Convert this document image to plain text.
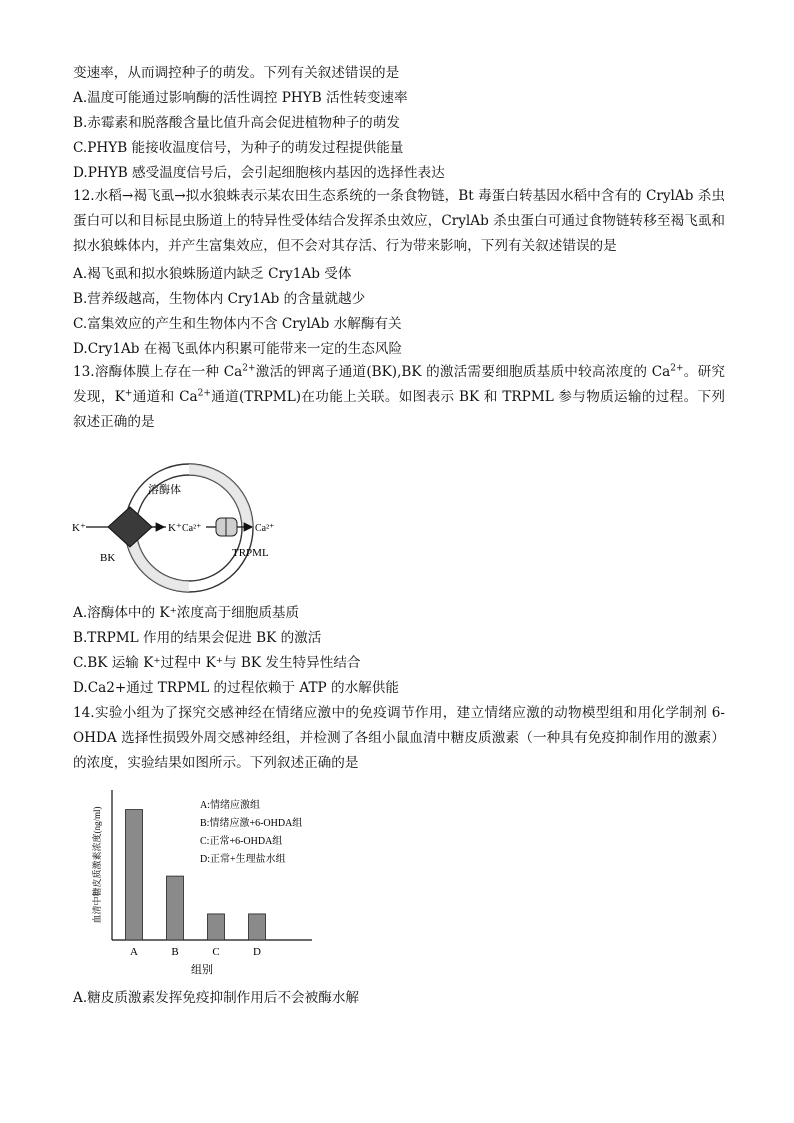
变速率，从而调控种子的萌发。下列有关叙述错误的是
A.温度可能通过影响酶的活性调控 PHYB 活性转变速率
B.赤霉素和脱落酸含量比值升高会促进植物种子的萌发
C.PHYB 能接收温度信号，为种子的萌发过程提供能量
D.PHYB 感受温度信号后，会引起细胞核内基因的选择性表达
12.水稻→褐飞虱→拟水狼蛛表示某农田生态系统的一条食物链，Bt 毒蛋白转基因水稻中含有的 CrylAb 杀虫蛋白可以和目标昆虫肠道上的特异性受体结合发挥杀虫效应，CrylAb 杀虫蛋白可通过食物链转移至褐飞虱和拟水狼蛛体内，并产生富集效应，但不会对其存活、行为带来影响，下列有关叙述错误的是
A.褐飞虱和拟水狼蛛肠道内缺乏 Cry1Ab 受体
B.营养级越高，生物体内 Cry1Ab 的含量就越少
C.富集效应的产生和生物体内不含 CrylAb 水解酶有关
D.Cry1Ab 在褐飞虱体内积累可能带来一定的生态风险
13.溶酶体膜上存在一种 $Ca^{2+}$激活的钾离子通道(BK),BK 的激活需要细胞质基质中较高浓度的 $Ca^{2+}$。研究发现，K+通道和 $Ca^{2+}$通道(TRPML)在功能上关联。如图表示 BK 和 TRPML 参与物质运输的过程。下列叙述正确的是
溶酶体
K⁺	K⁺
BK
Ca²⁺	Ca²⁺
TRPML
A.溶酶体中的 K⁺浓度高于细胞质基质
B.TRPML 作用的结果会促进 BK 的激活
C.BK 运输 K⁺过程中 K⁺与 BK 发生特异性结合
D.Ca2+通过 TRPML 的过程依赖于 ATP 的水解供能
14.实验小组为了探究交感神经在情绪应激中的免疫调节作用，建立情绪应激的动物模型组和用化学制剂 6-OHDA 选择性损毁外周交感神经组，并检测了各组小鼠血清中糖皮质激素（一种具有免疫抑制作用的激素）的浓度，实验结果如图所示。下列叙述正确的是
血清中糖皮质激素浓度(ng/ml)
组别
A	B	C	D
A:情绪应激组
B:情绪应激+6-OHDA组
C:正常+6-OHDA组
D:正常+生理盐水组
A.糖皮质激素发挥免疫抑制作用后不会被酶水解
